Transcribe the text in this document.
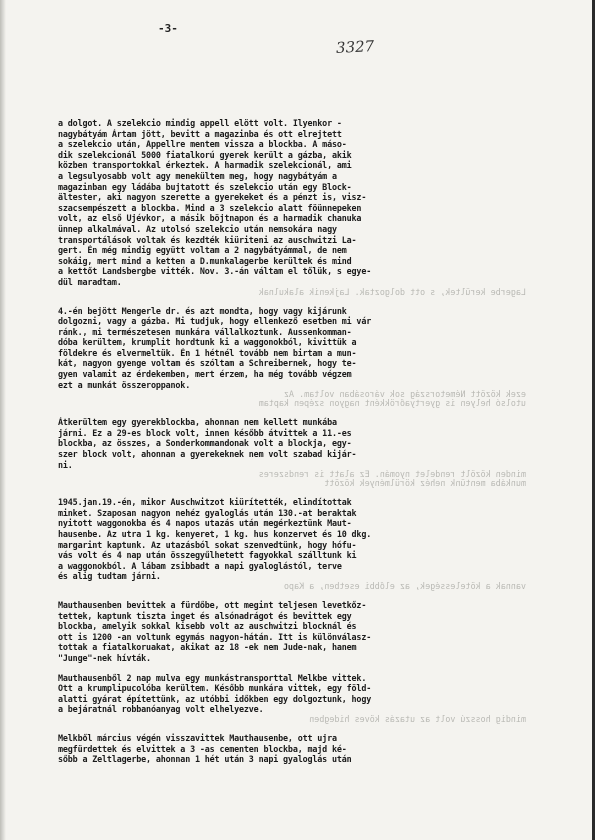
-3-
3327
a dolgot. A szelekcio mindig appell elött volt. Ilyenkor -
nagybátyám Ártam jött, bevitt a magazinba és ott elrejtett
a szelekcio után, Appellre mentem vissza a blockba. A máso-
dik szelekcionál 5000 fiatalkorú gyerek került a gázba, akik
közben transportokkal érkeztek. A harmadik szelekcionál, ami
a legsulyosabb volt agy menekültem meg, hogy nagybátyám a
magazinban egy ládába bujtatott és szelekcio után egy Block-
ältester, aki nagyon szerette a gyerekeket és a pénzt is, visz-
szacsempészett a blockba. Mind a 3 szelekcio alatt föünnepeken
volt, az első Ujévkor, a másik böjtnapon és a harmadik chanuka
ünnep alkalmával. Az utolsó szelekcio után nemsokára nagy
transportálások voltak és kezdték kiüriteni az auschwitzi La-
gert. Én még mindig együtt voltam a 2 nagybátyámmal, de nem
sokáig, mert mind a ketten a D.munkalagerbe kerültek és mind
a kettőt Landsbergbe vitték. Nov. 3.-án váltam el tőlük, s egye-
dül maradtam.
Lagerbe kerültek, s ott dolgoztak. Lajkenik alakulnak
4.-én bejött Mengerle dr. és azt mondta, hogy vagy kijárunk
dolgozni, vagy a gázba. Mi tudjuk, hogy ellenkező esetben mi vár
ránk., mi természetesen munkára vállalkoztunk. Aussenkomman-
dóba kerültem, krumplit hordtunk ki a waggonokból, kivittük a
földekre és elvermeltük. Én 1 hétnél tovább nem birtam a mun-
kát, nagyon gyenge voltam és szóltam a Schreibernek, hogy te-
gyen valamit az érdekemben, mert érzem, ha még tovább végzem
ezt a munkát összeroppanok.
ezek között Németország sok városában voltam. Az
utolsó helyen is gyertyaőrökként nagyon szépen kaptam
Átkerültem egy gyerekblockba, ahonnan nem kellett munkába
járni. Ez a 29-es block volt, innen később átvittek a 11.-es
blockba, az összes, a Sonderkommandonak volt a blockja, egy-
szer block volt, ahonnan a gyerekeknek nem volt szabad kijár-
ni.
minden közölt rendelet nyomán. Ez alatt is rendszeres
munkába mentünk nehéz körülmények között
1945.jan.19.-én, mikor Auschwitzot kiürítették, elindítottak
minket. Szaposan nagyon nehéz gyaloglás után 130.-at beraktak
nyitott waggonokba és 4 napos utazás után megérkeztünk Maut-
hausenbe. Az utra 1 kg. kenyeret, 1 kg. hus konzervet és 10 dkg.
margarint kaptunk. Az utazásból sokat szenvedtünk, hogy hófu-
vás volt és 4 nap után összegyűlhetett fagyokkal szálltunk ki
a waggonokból. A lábam zsibbadt a napi gyaloglástól, terve
és alig tudtam járni.
vannak a kötelességek, az előbbi esetben, a Kapo
Mauthausenben bevittek a fürdőbe, ott megint teljesen levetkőz-
tettek, kaptunk tiszta inget és alsónadrágot és bevittek egy
blockba, amelyik sokkal kisebb volt az auschwitzi blocknál és
ott is 1200 -an voltunk egymás nagyon-hátán. Itt is különválasz-
tottak a fiatalkoruakat, akikat az 18 -ek nem Jude-nak, hanem
"Junge"-nek hívták.
Mauthausenből 2 nap mulva egy munkástransporttal Melkbe vittek.
Ott a krumplipucolóba kerültem. Később munkára vittek, egy föld-
alatti gyárat építettünk, az utóbbi időkben egy dolgoztunk, hogy
a bejáratnál robbanóanyag volt elhelyezve.
mindig hosszú volt az utazás köves hidegben
Melkből március végén visszavittek Mauthausenbe, ott ujra
megfürdettek és elvittek a 3 -as cementen blockba, majd ké-
sőbb a Zeltlagerbe, ahonnan 1 hét után 3 napi gyaloglás után
